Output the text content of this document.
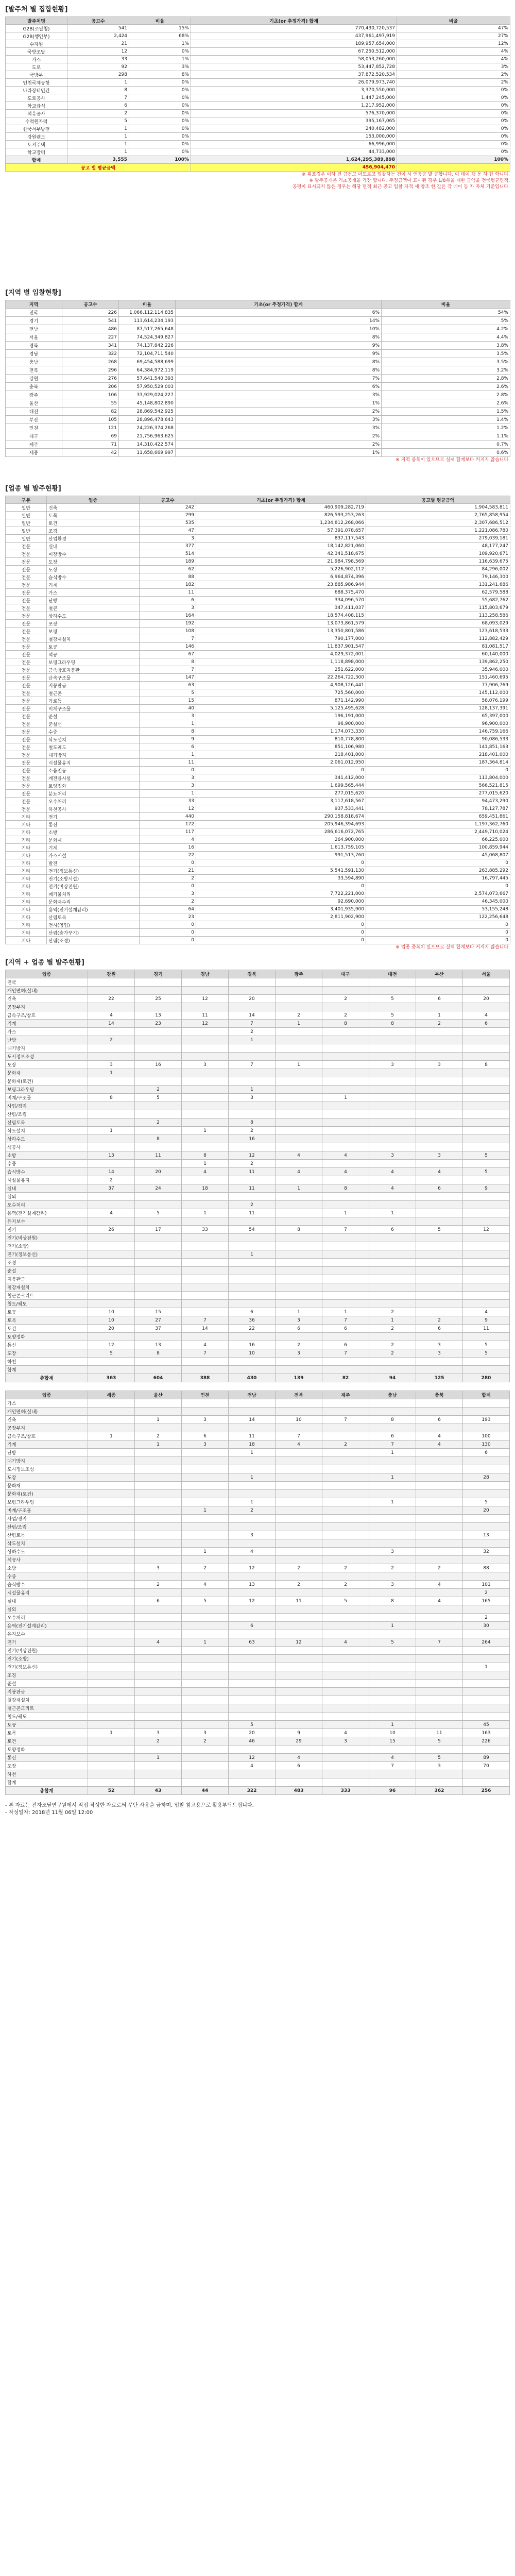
[발주처 별 집합현황]
발주처명	공고수	비율	기초(or 추정가격) 합계	비율
G2B(조달청)	541	15%	770,430,720,537	47%
G2B(행안부)	2,424	68%	437,961,497,919	27%
수자원	21	1%	189,957,654,000	12%
국방조달	12	0%	67,250,512,000	4%
가스	33	1%	58,053,260,000	4%
도로	92	3%	53,447,852,728	3%
국방부	298	8%	37,872,520,534	2%
인천국제공항	1	0%	26,079,973,740	2%
나라장터민간	8	0%	3,370,550,000	0%
도로공사	7	0%	1,447,245,000	0%
학교급식	6	0%	1,217,952,000	0%
석유공사	2	0%	576,370,000	0%
수력원자력	5	0%	395,167,065	0%
한국서부발전	1	0%	240,482,000	0%
강원랜드	1	0%	153,000,000	0%
토지주택	1	0%	66,996,000	0%
학교장터	1	0%	44,733,000	0%
합계	3,555	100%	1,624,295,389,898	100%
공고 별 평균금액			456,904,470	
※ 위표경은 이하 건 금건고 여도로고 입찰하는 건이 시 앤공공 발 공합니다. 이 데이 행 운 하 한 학니다.
※ 발주공개은 기초공개을 가장 합니다. 주정금액이 표시된 경우 1/8쪽을 재한 금액을 전국평균면적,
공평이 표시되지 않은 경우는 해당 면적 최근 공고 입찰 자격 세 참조 한 값은 각 데이 등 자 자체 기준입니다.
[지역 별 입찰현황]
지역	공고수	비율	기초(or 추정가격) 합계	비율
전국	226	1,066,112,114,835	6%	54%
경기	541	113,614,234,193	14%	5%
전남	486	87,517,265,648	10%	4.2%
서울	227	74,524,349,827	8%	4.4%
경북	341	74,137,842,226	9%	3.8%
경남	322	72,104,711,540	9%	3.5%
충남	268	69,454,588,699	8%	3.5%
전북	296	64,384,972,119	8%	3.2%
강원	276	57,641,540,393	7%	2.8%
충북	206	57,950,529,003	6%	2.6%
광주	106	33,929,024,227	3%	2.8%
울산	55	45,148,802,890	1%	2.6%
대전	82	28,869,542,925	2%	1.5%
부산	105	28,896,478,643	3%	1.4%
인천	121	24,226,374,268	3%	1.2%
대구	69	21,756,963,625	2%	1.1%
제주	71	14,310,422,574	2%	0.7%
세종	42	11,658,669,997	1%	0.6%
※ 지역 중복이 있으므로 실제 합계보다 커지지 않습니다.
[업종 별 발주현황]
구분	업종	공고수	기초(or 추정가격) 합계	공고별 평균금액
일반	건축	242	460,909,282,719	1,904,583,811
일반	토목	299	826,593,253,263	2,765,858,954
일반	토건	535	1,234,812,268,066	2,307,686,512
일반	조경	47	57,391,078,657	1,221,086,780
일반	산업환경	3	837,117,543	279,039,181
전문	실내	377	18,142,821,060	48,177,247
전문	미장방수	514	42,341,518,675	109,920,671
전문	도장	189	21,984,798,569	116,639,675
전문	도상	62	5,226,902,112	84,296,002
전문	습식방수	88	6,964,874,396	79,146,300
전문	기계	182	23,885,986,944	131,241,686
전문	가스	11	688,375,470	62,579,588
전문	난방	6	334,096,570	55,682,762
전문	철콘	3	347,411,037	115,803,679
전문	상하수도	164	18,574,408,115	113,258,586
전문	포장	192	13,073,861,579	68,093,029
전문	보링	108	13,350,801,586	123,618,533
전문	철강재설치	7	790,177,000	112,882,429
전문	토공	146	11,837,901,547	81,081,517
전문	석공	67	4,029,372,001	60,140,000
전문	보링그라우팅	8	1,118,898,000	139,862,250
전문	금속창호지붕판	7	251,622,000	35,946,000
전문	금속구조물	147	22,264,722,300	151,460,695
전문	지붕판금	63	4,908,126,441	77,906,769
전문	철근콘	5	725,560,000	145,112,000
전문	가로등	15	871,142,990	58,076,199
전문	비계구조물	40	5,125,495,628	128,137,391
전문	준설	3	196,191,000	65,397,000
전문	준설선	1	96,900,000	96,900,000
전문	수중	8	1,174,073,330	146,759,166
전문	삭도설치	9	810,778,800	90,086,533
전문	철도궤도	6	851,106,980	141,851,163
전문	대기방지	1	218,401,000	218,401,000
전문	시설물유지	11	2,061,012,950	187,364,814
전문	소음진동	0	0	0
전문	계전용시설	3	341,412,000	113,804,000
전문	토양정화	3	1,699,565,444	566,521,815
전문	분뇨처리	1	277,015,620	277,015,620
전문	오수처리	33	3,117,618,567	94,473,290
전문	하천공사	12	937,533,441	78,127,787
기타	전기	440	290,158,818,674	659,451,861
기타	통신	172	205,946,394,693	1,197,362,760
기타	소방	117	286,616,072,765	2,449,710,024
기타	문화재	4	264,900,000	66,225,000
기타	기계	16	1,613,759,105	100,859,944
기타	가스시설	22	991,513,760	45,068,807
기타	발전	0	0	0
기타	전기(정보통신)	21	5,541,591,130	263,885,292
기타	전기(소방시설)	2	33,594,890	16,797,445
기타	전기(비상전원)	0	0	0
기타	폐기물처리	3	7,722,221,000	2,574,073,667
기타	문화재수리	2	92,690,000	46,345,000
기타	용역(전기설계감리)	64	3,401,935,900	53,155,248
기타	산림토목	23	2,811,902,900	122,256,648
기타	전시(영업)	0	0	0
기타	산림(숲가꾸기)	0	0	0
기타	산림(조경)	0	0	0
※ 업종 중복이 있으므로 실제 합계보다 커지지 않습니다.
[지역 + 업종 별 발주현황]
업종	강원	경기	경남	경북	광주	대구	대전	부산	서울
전국									
개인면허(실내)									
건축	22	25	12	20		2	5	6	20
공장부지									
금속구조/창호	4	13	11	14	2	2	5	1	4
기계	14	23	12	7	1	8	8	2	6
가스				2					
난방	2			1					
대기방지									
도시정보조성									
도장	3	16	3	7	1		3	3	8
문화재	1								
문화재(토건)									
보링그라우팅		2		1					
비계/구조물	8	5		3		1			
사업/경지									
산림/조림									
산림토목		2		8					
삭도설치	1		1	2					
상하수도		8		16					
석공사									
소방	13	11	8	12	4	4	3	3	5
수중			1	2					
습식방수	14	20	4	11	4	4	4	4	5
시설물유지	2								
실내	37	24	18	11	1	8	4	6	9
실외									
오수처리				2					
용역(전기설계감리)	4	5	1	11		1	1		
유지보수									
전기	26	17	33	54	8	7	6	5	12
전기(비상전원)									
전기(소방)									
전기(정보통신)				1					
조경									
준설									
지붕판금									
철강재설치									
철근콘크리트									
철도/궤도									
토공	10	15		6	1	1	2		4
토목	10	27	7	36	3	7	1	2	9
토건	20	37	14	22	6	6	2	6	11
토양정화									
통신	12	13	4	16	2	6	2	3	5
포장	5	8	7	10	3	7	2	3	5
하천									
합계									
총합계	363	604	388	430	139	82	94	125	280
업종	세종	울산	인천	전남	전북	제주	충남	충북	합계
가스									
개인면허(실내)									
건축		1	3	14	10	7	8	6	193
공장부지									
금속구조/창호	1	2	6	11	7		6	4	100
기계		1	3	18	4	2	7	4	130
난방				1			1		6
대기방지									
도시정보조성									
도장				1			1		28
문화재									
문화재(토건)									
보링그라우팅				1			1		5
비계/구조물			1	2					20
사업/경지									
산림/조림									
산림토목				3					13
삭도설치									
상하수도			1	4			3		32
석공사									
소방		3	2	12	2	2	2	2	88
수중									
습식방수		2	4	13	2	2	3	4	101
시설물유지									2
실내		6	5	12	11	5	8	4	165
실외									
오수처리									2
용역(전기설계감리)				6			1		30
유지보수									
전기		4	1	63	12	4	5	7	264
전기(비상전원)									
전기(소방)									
전기(정보통신)									1
조경									
준설									
지붕판금									
철강재설치									
철근콘크리트									
철도/궤도									
토공				5			1		45
토목	1	3	3	20	9	4	10	11	163
토건		2	2	46	29	3	15	5	226
토양정화									
통신		1		12	4		4	5	89
포장				4	6		7	3	70
하천									
합계									
총합계	52	43	44	322	483	333	96	362	256
- 본 자료는 전자조달연구원에서 직접 작성한 자료로써 무단 사용을 금하며, 입찰 참고용으로 활용부탁드립니다.
- 작성일자: 2018년 11월 06일 12:00
